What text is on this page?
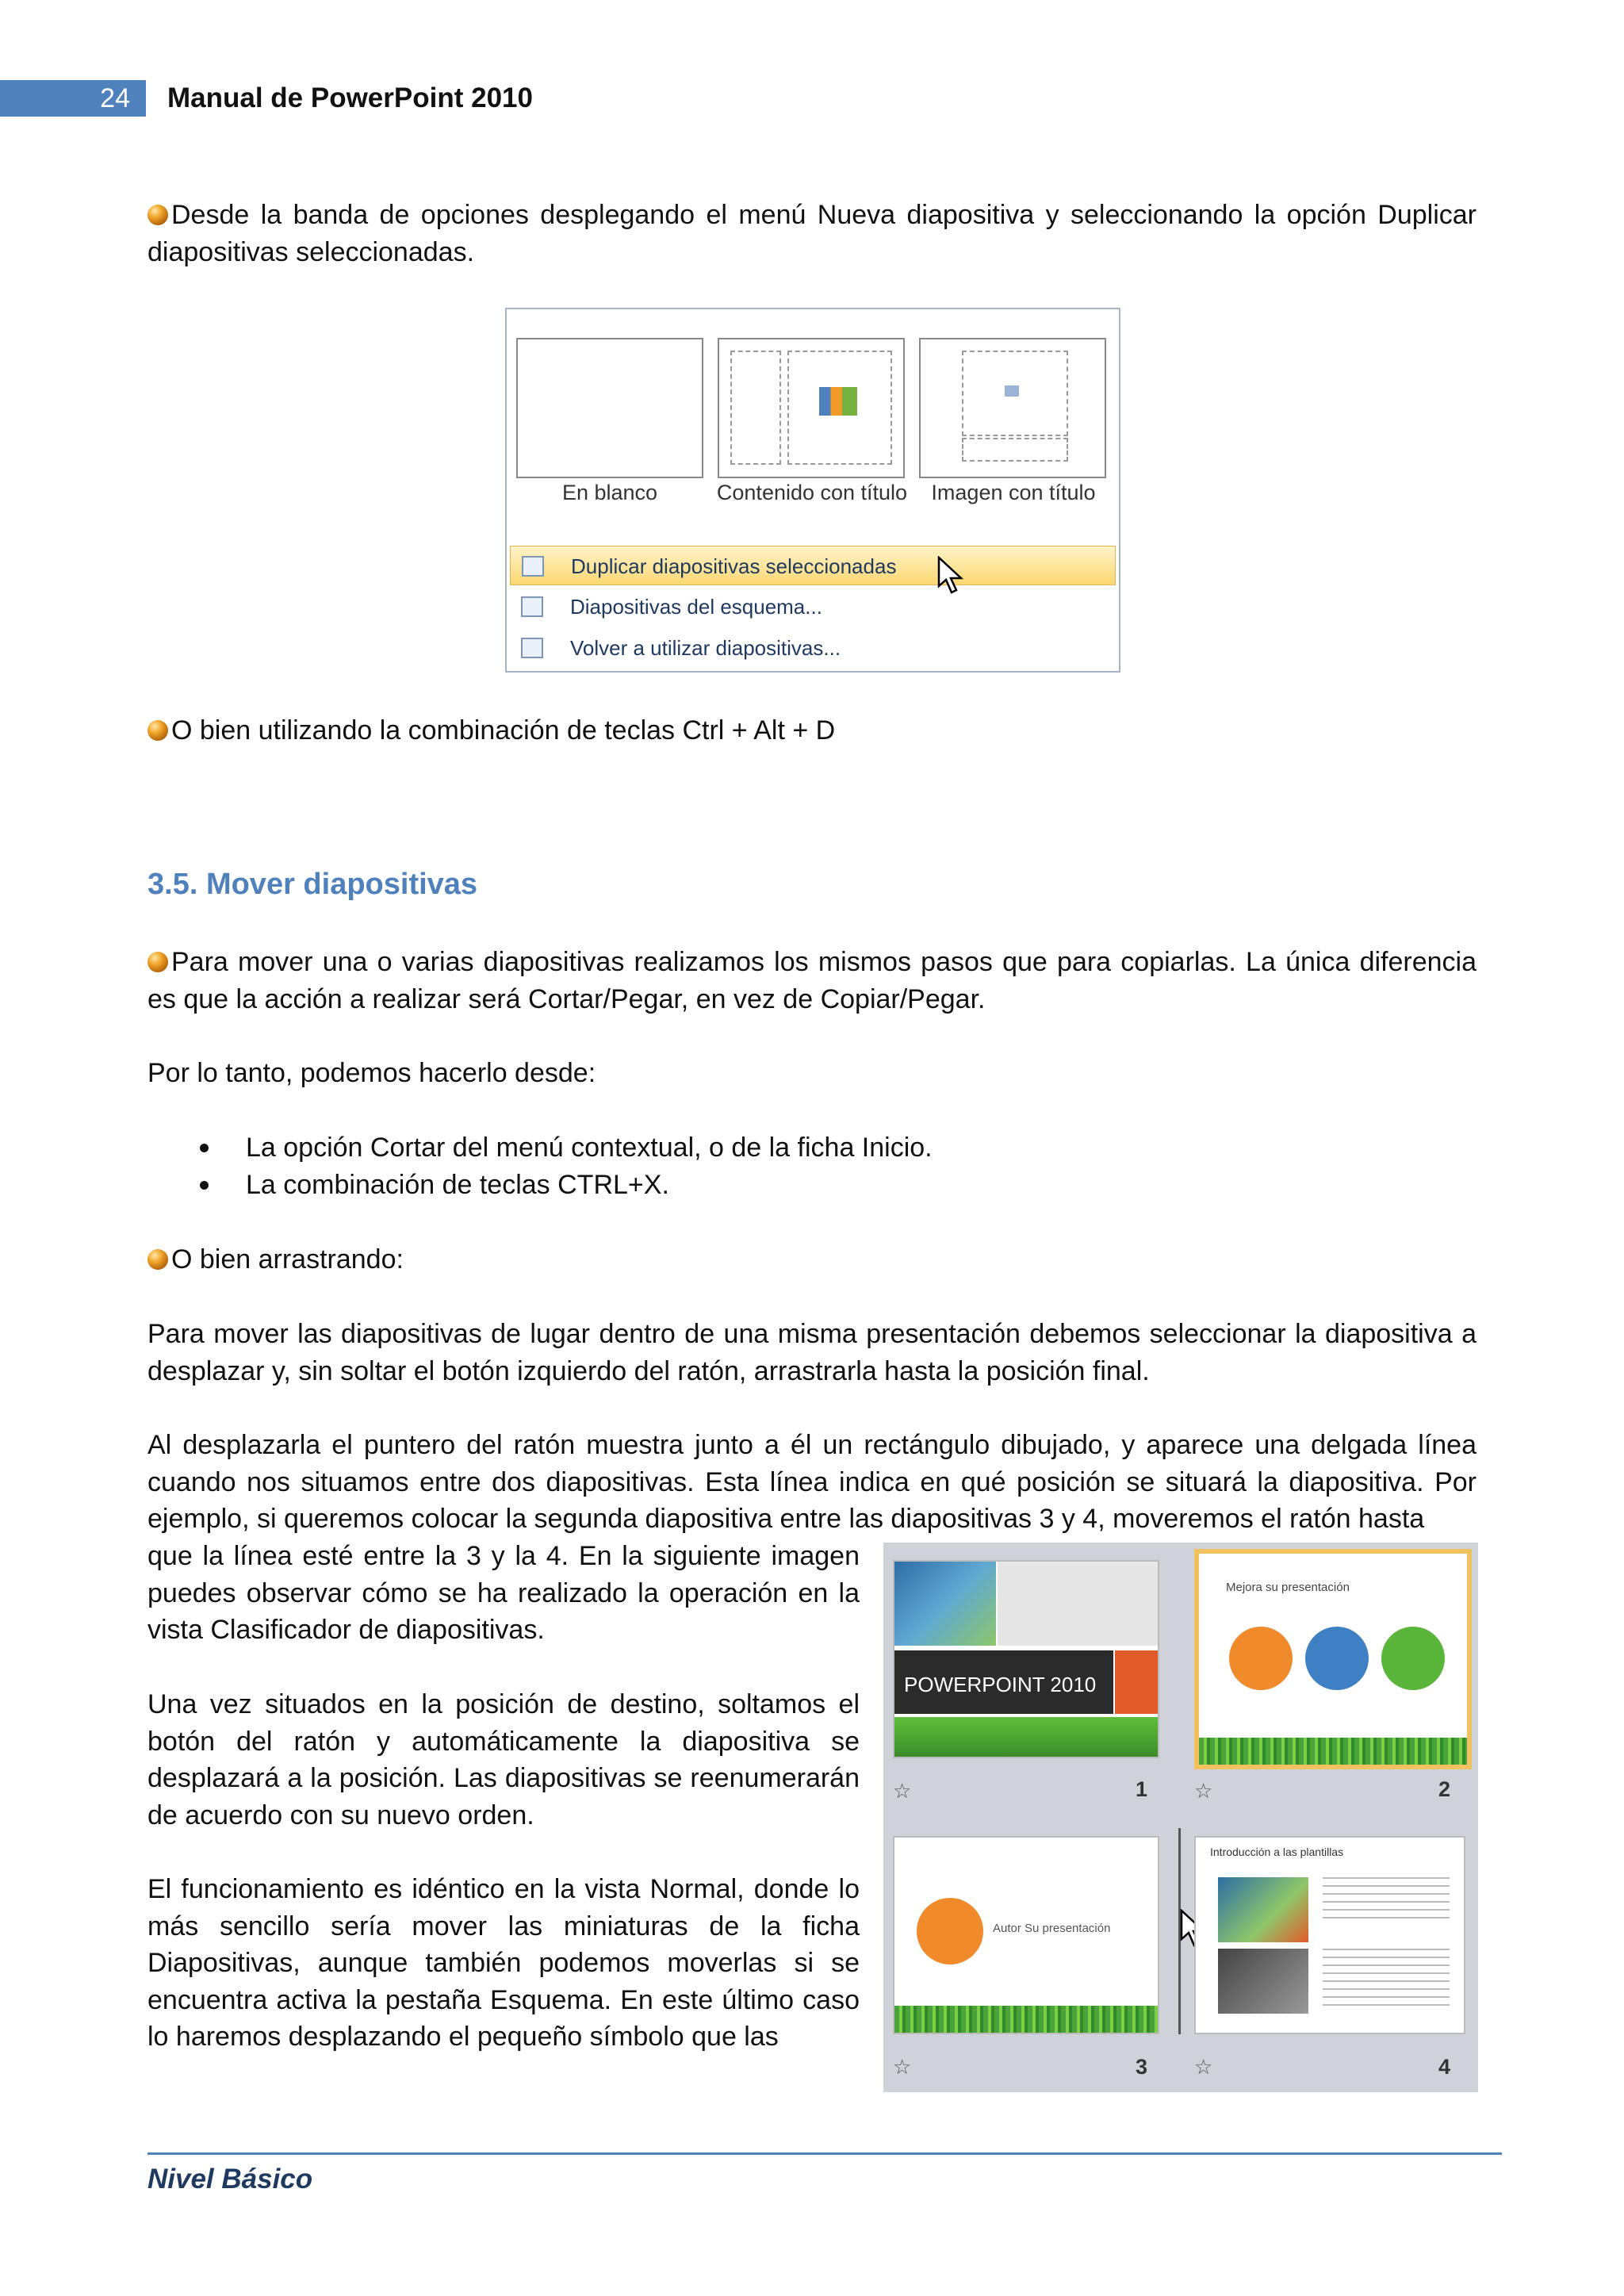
24	Manual de PowerPoint 2010
Desde la banda de opciones desplegando el menú Nueva diapositiva y seleccionando la opción Duplicar diapositivas seleccionadas.
En blanco	Contenido con título	Imagen con título
Duplicar diapositivas seleccionadas
Diapositivas del esquema...
Volver a utilizar diapositivas...
O bien utilizando la combinación de teclas Ctrl + Alt + D
3.5. Mover diapositivas
Para mover una o varias diapositivas realizamos los mismos pasos que para copiarlas. La única diferencia es que la acción a realizar será Cortar/Pegar, en vez de Copiar/Pegar.
Por lo tanto, podemos hacerlo desde:
La opción Cortar del menú contextual, o de la ficha Inicio.
La combinación de teclas CTRL+X.
O bien arrastrando:
Para mover las diapositivas de lugar dentro de una misma presentación debemos seleccionar la diapositiva a desplazar y, sin soltar el botón izquierdo del ratón, arrastrarla hasta la posición final.
Al desplazarla el puntero del ratón muestra junto a él un rectángulo dibujado, y aparece una delgada línea cuando nos situamos entre dos diapositivas. Esta línea indica en qué posición se situará la diapositiva. Por ejemplo, si queremos colocar la segunda diapositiva entre las diapositivas 3 y 4, moveremos el ratón hasta
que la línea esté entre la 3 y la 4. En la siguiente imagen puedes observar cómo se ha realizado la operación en la vista Clasificador de diapositivas.
Una vez situados en la posición de destino, soltamos el botón del ratón y automáticamente la diapositiva se desplazará a la posición. Las diapositivas se reenumerarán de acuerdo con su nuevo orden.
El funcionamiento es idéntico en la vista Normal, donde lo más sencillo sería mover las miniaturas de la ficha Diapositivas, aunque también podemos moverlas si se encuentra activa la pestaña Esquema. En este último caso lo haremos desplazando el pequeño símbolo que las
POWERPOINT 2010
☆	1
Mejora su presentación
☆	2
Autor Su presentación
☆	3
Introducción a las plantillas
☆	4
Nivel Básico
